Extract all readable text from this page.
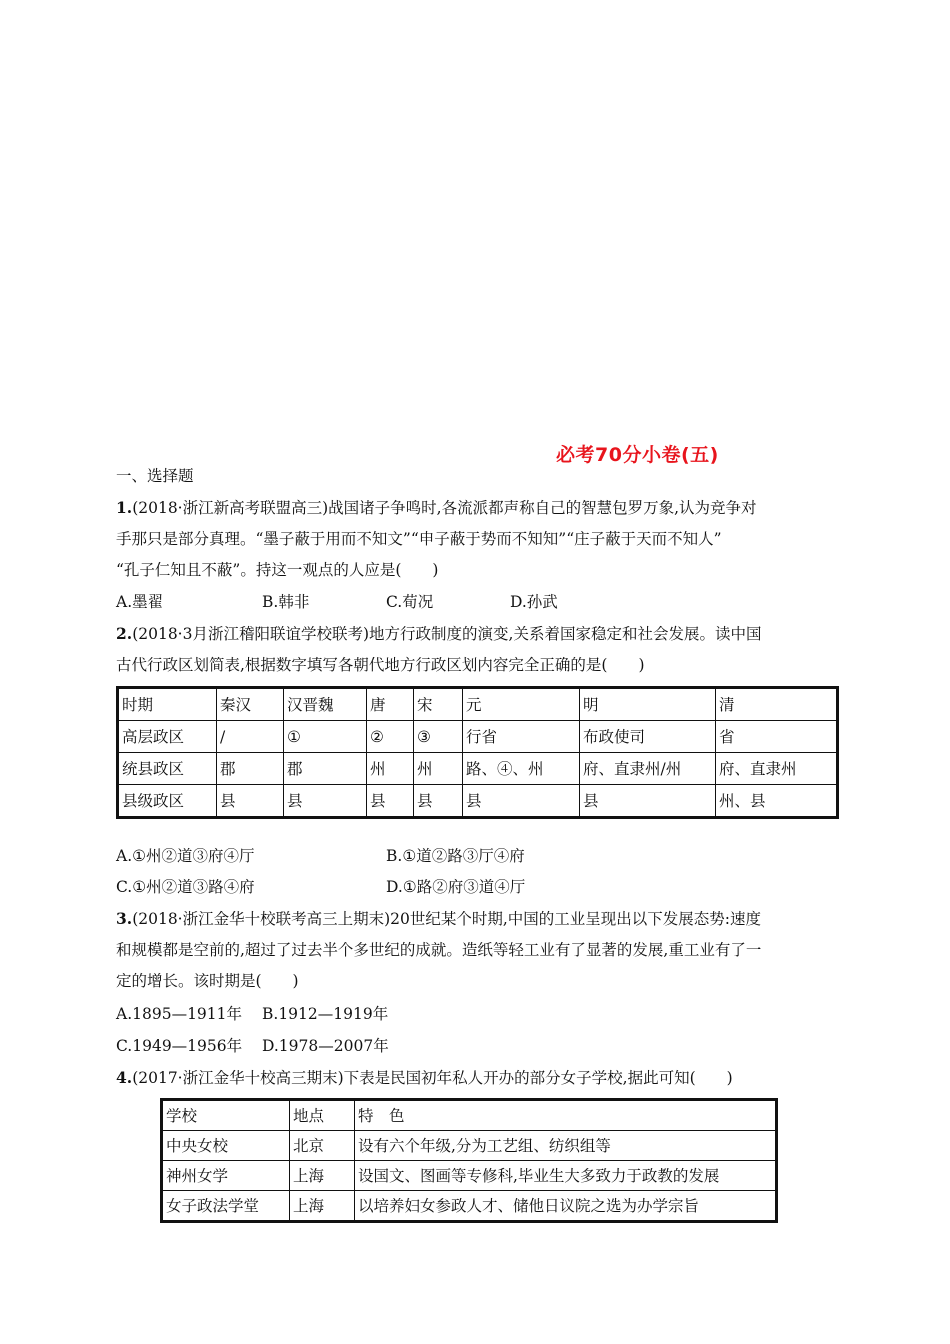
必考70分小卷(五)
一、选择题
1.(2018·浙江新高考联盟高三)战国诸子争鸣时,各流派都声称自己的智慧包罗万象,认为竞争对
手那只是部分真理。“墨子蔽于用而不知文”“申子蔽于势而不知知”“庄子蔽于天而不知人”
“孔子仁知且不蔽”。持这一观点的人应是(　　)
A.墨翟	B.韩非	C.荀况	D.孙武
2.(2018·3月浙江稽阳联谊学校联考)地方行政制度的演变,关系着国家稳定和社会发展。读中国
古代行政区划简表,根据数字填写各朝代地方行政区划内容完全正确的是(　　)
时期	秦汉	汉晋魏	唐	宋	元	明	清
高层政区	/	①	②	③	行省	布政使司	省
统县政区	郡	郡	州	州	路、④、州	府、直隶州/州	府、直隶州
县级政区	县	县	县	县	县	县	州、县
A.①州②道③府④厅	B.①道②路③厅④府
C.①州②道③路④府	D.①路②府③道④厅
3.(2018·浙江金华十校联考高三上期末)20世纪某个时期,中国的工业呈现出以下发展态势:速度
和规模都是空前的,超过了过去半个多世纪的成就。造纸等轻工业有了显著的发展,重工业有了一
定的增长。该时期是(　　)
A.1895—1911年 B.1912—1919年
C.1949—1956年 D.1978—2007年
4.(2017·浙江金华十校高三期末)下表是民国初年私人开办的部分女子学校,据此可知(　　)
学校	地点	特　色
中央女校	北京	设有六个年级,分为工艺组、纺织组等
神州女学	上海	设国文、图画等专修科,毕业生大多致力于政教的发展
女子政法学堂	上海	以培养妇女参政人才、储他日议院之选为办学宗旨
